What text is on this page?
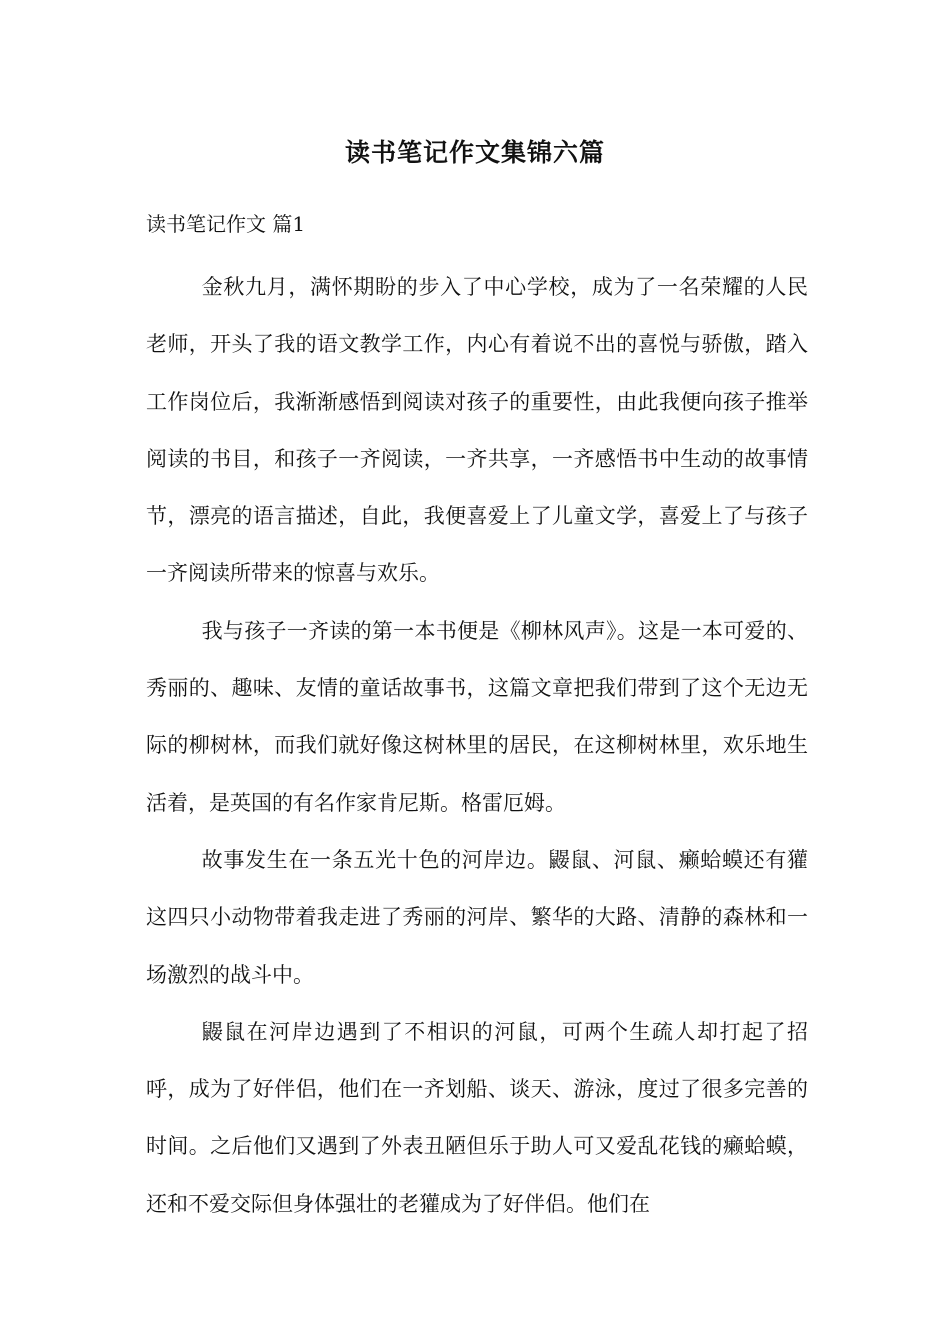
读书笔记作文集锦六篇
读书笔记作文 篇1

金秋九月，满怀期盼的步入了中心学校，成为了一名荣耀的人民老师，开头了我的语文教学工作，内心有着说不出的喜悦与骄傲，踏入工作岗位后，我渐渐感悟到阅读对孩子的重要性，由此我便向孩子推举阅读的书目，和孩子一齐阅读，一齐共享，一齐感悟书中生动的故事情节，漂亮的语言描述，自此，我便喜爱上了儿童文学，喜爱上了与孩子一齐阅读所带来的惊喜与欢乐。

我与孩子一齐读的第一本书便是《柳林风声》。这是一本可爱的、秀丽的、趣味、友情的童话故事书，这篇文章把我们带到了这个无边无际的柳树林，而我们就好像这树林里的居民，在这柳树林里，欢乐地生活着，是英国的有名作家肯尼斯。格雷厄姆。

故事发生在一条五光十色的河岸边。鼹鼠、河鼠、癞蛤蟆还有獾这四只小动物带着我走进了秀丽的河岸、繁华的大路、清静的森林和一场激烈的战斗中。

鼹鼠在河岸边遇到了不相识的河鼠，可两个生疏人却打起了招呼，成为了好伴侣，他们在一齐划船、谈天、游泳，度过了很多完善的时间。之后他们又遇到了外表丑陋但乐于助人可又爱乱花钱的癞蛤蟆，还和不爱交际但身体强壮的老獾成为了好伴侣。他们在
